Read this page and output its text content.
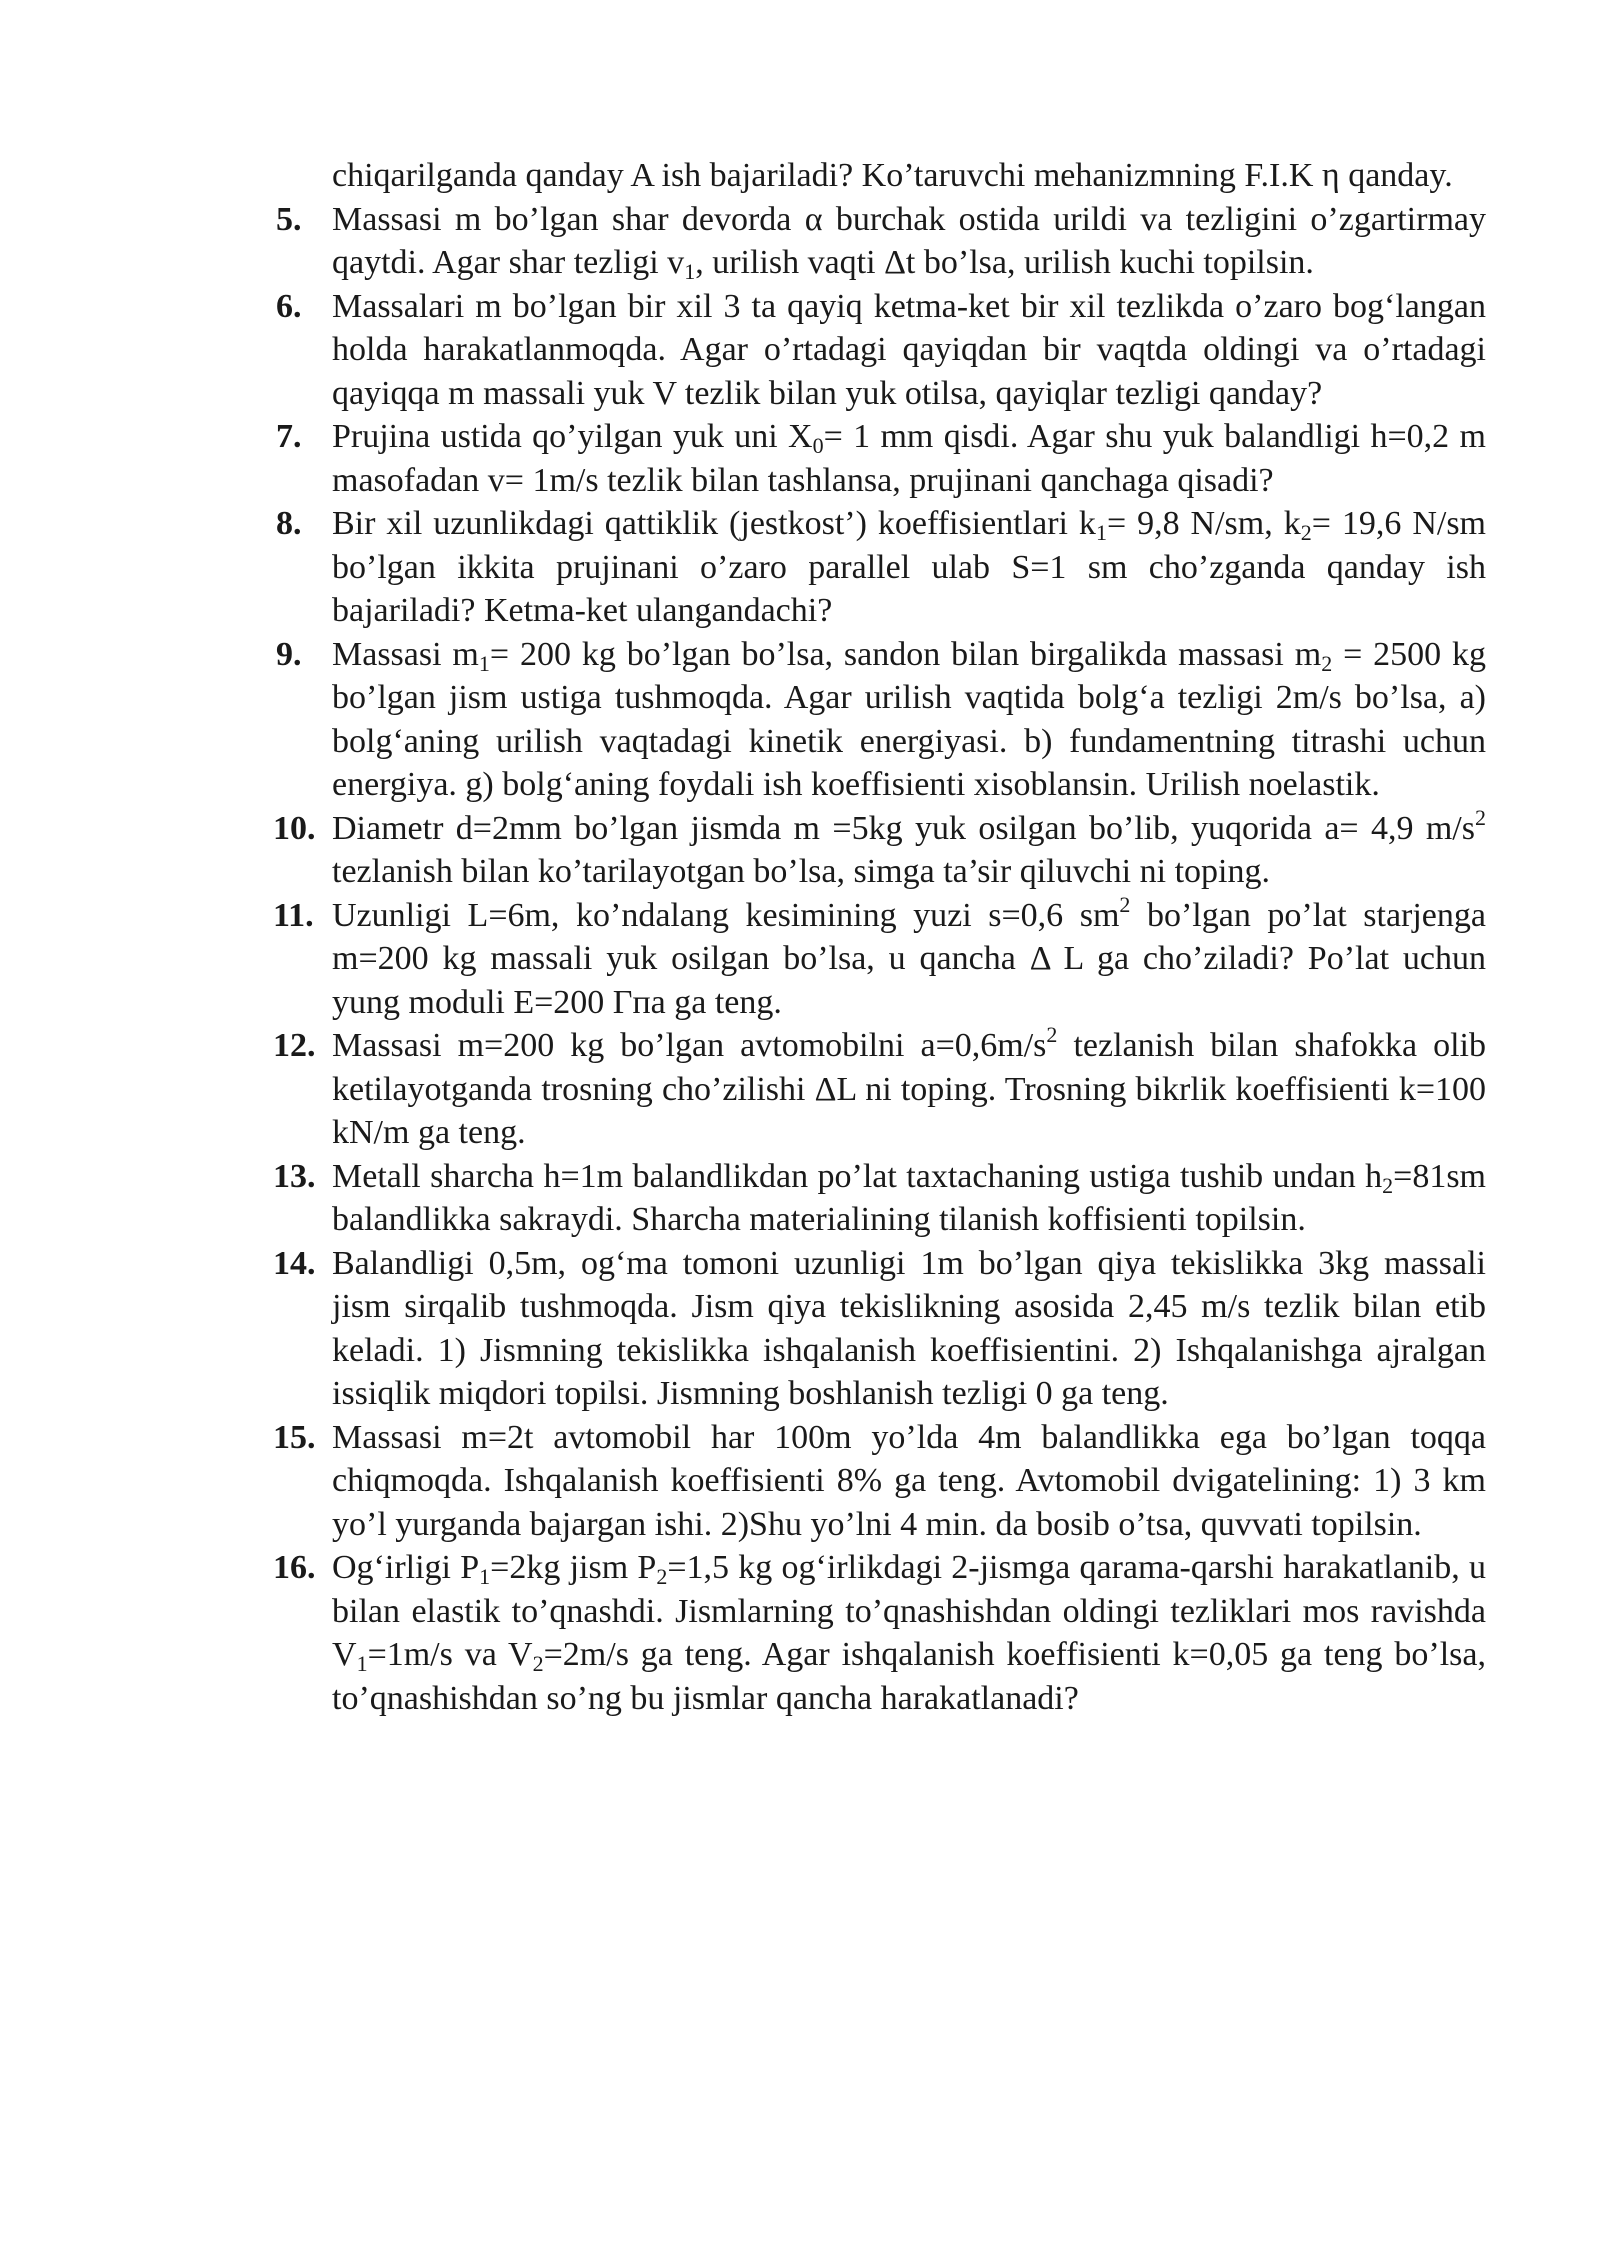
chiqarilganda qanday A ish bajariladi? Ko’taruvchi mehanizmning F.I.K η qanday.
5. Massasi m bo’lgan shar devorda α burchak ostida urildi va tezligini o’zgartirmay qaytdi. Agar shar tezligi $v_1$, urilish vaqti Δt bo’lsa, urilish kuchi topilsin.
6. Massalari m bo’lgan bir xil 3 ta qayiq ketma-ket bir xil tezlikda o’zaro bog‘langan holda harakatlanmoqda. Agar o’rtadagi qayiqdan bir vaqtda oldingi va o’rtadagi qayiqqa m massali yuk V tezlik bilan yuk otilsa, qayiqlar tezligi qanday?
7. Prujina ustida qo’yilgan yuk uni $X_0= 1$ mm qisdi. Agar shu yuk balandligi h=0,2 m masofadan v= 1m/s tezlik bilan tashlansa, prujinani qanchaga qisadi?
8. Bir xil uzunlikdagi qattiklik (jestkost’) koeffisientlari $k_1= 9,8$ N/sm, $k_2= 19,6$ N/sm bo’lgan ikkita prujinani o’zaro parallel ulab S=1 sm cho’zganda qanday ish bajariladi? Ketma-ket ulangandachi?
9. Massasi $m_1= 200$ kg bo’lgan bo’lsa, sandon bilan birgalikda massasi $m_2 = 2500$ kg bo’lgan jism ustiga tushmoqda. Agar urilish vaqtida bolg‘a tezligi 2m/s bo’lsa, a) bolg‘aning urilish vaqtadagi kinetik energiyasi. b) fundamentning titrashi uchun energiya. g) bolg‘aning foydali ish koeffisienti xisoblansin. Urilish noelastik.
10. Diametr d=2mm bo’lgan jismda m =5kg yuk osilgan bo’lib, yuqorida a= 4,9 $m/s^2$ tezlanish bilan ko’tarilayotgan bo’lsa, simga ta’sir qiluvchi ni toping.
11. Uzunligi L=6m, ko’ndalang kesimining yuzi s=0,6 $sm^2$ bo’lgan po’lat starjenga m=200 kg massali yuk osilgan bo’lsa, u qancha Δ L ga cho’ziladi? Po’lat uchun yung moduli E=200 Гпа ga teng.
12. Massasi m=200 kg bo’lgan avtomobilni $a=0,6m/s^2$ tezlanish bilan shafokka olib ketilayotganda trosning cho’zilishi ΔL ni toping. Trosning bikrlik koeffisienti k=100 kN/m ga teng.
13. Metall sharcha h=1m balandlikdan po’lat taxtachaning ustiga tushib undan $h_2=81sm$ balandlikka sakraydi. Sharcha materialining tilanish koffisienti topilsin.
14. Balandligi 0,5m, og‘ma tomoni uzunligi 1m bo’lgan qiya tekislikka 3kg massali jism sirqalib tushmoqda. Jism qiya tekislikning asosida 2,45 m/s tezlik bilan etib keladi. 1) Jismning tekislikka ishqalanish koeffisientini. 2) Ishqalanishga ajralgan issiqlik miqdori topilsi. Jismning boshlanish tezligi 0 ga teng.
15. Massasi m=2t avtomobil har 100m yo’lda 4m balandlikka ega bo’lgan toqqa chiqmoqda. Ishqalanish koeffisienti 8% ga teng. Avtomobil dvigatelining: 1) 3 km yo’l yurganda bajargan ishi. 2)Shu yo’lni 4 min. da bosib o’tsa, quvvati topilsin.
16. Og‘irligi $P_1=2kg$ jism $P_2=1,5$ kg og‘irlikdagi 2-jismga qarama-qarshi harakatlanib, u bilan elastik to’qnashdi. Jismlarning to’qnashishdan oldingi tezliklari mos ravishda $V_1=1m/s$ va $V_2=2m/s$ ga teng. Agar ishqalanish koeffisienti k=0,05 ga teng bo’lsa, to’qnashishdan so’ng bu jismlar qancha harakatlanadi?
